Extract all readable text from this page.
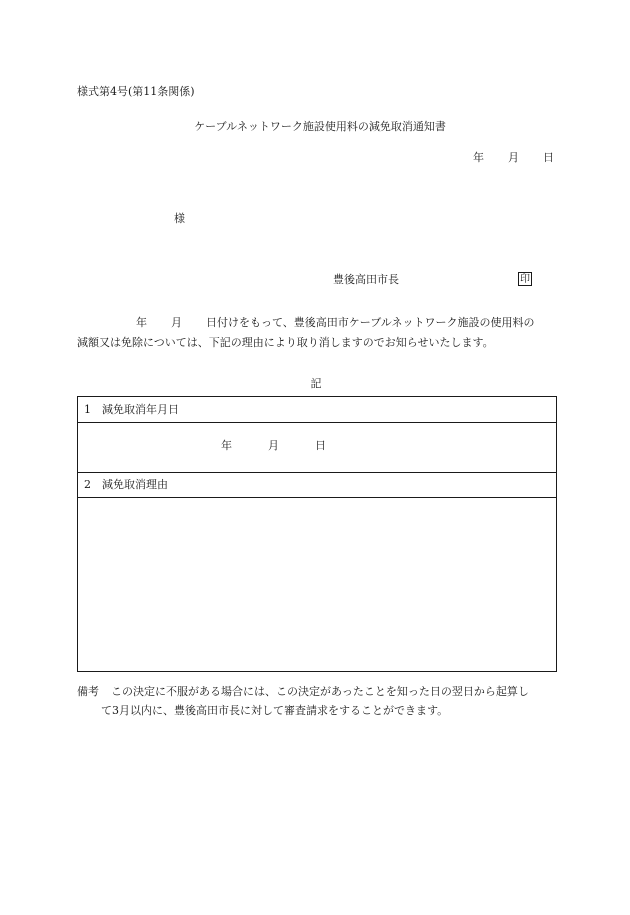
様式第4号(第11条関係)
ケーブルネットワーク施設使用料の減免取消通知書
年 月 日
様
豊後高田市長	印
年 月 日付けをもって、豊後高田市ケーブルネットワーク施設の使用料の
減額又は免除については、下記の理由により取り消しますのでお知らせいたします。
記
1 減免取消年月日
年	月	日
2 減免取消理由
備考 この決定に不服がある場合には、この決定があったことを知った日の翌日から起算し
て3月以内に、豊後高田市長に対して審査請求をすることができます。
